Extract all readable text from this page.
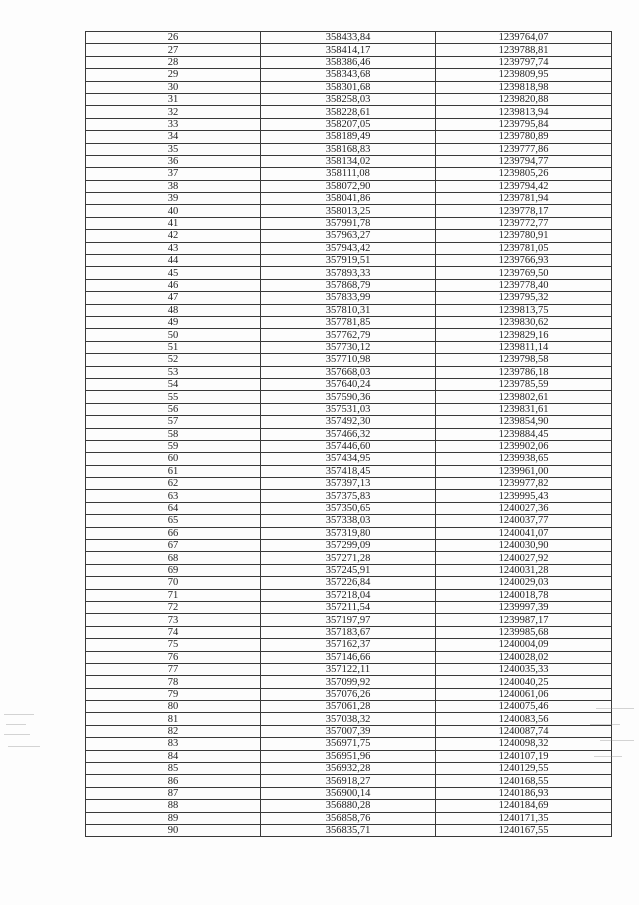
26	358433,84	1239764,07
27	358414,17	1239788,81
28	358386,46	1239797,74
29	358343,68	1239809,95
30	358301,68	1239818,98
31	358258,03	1239820,88
32	358228,61	1239813,94
33	358207,05	1239795,84
34	358189,49	1239780,89
35	358168,83	1239777,86
36	358134,02	1239794,77
37	358111,08	1239805,26
38	358072,90	1239794,42
39	358041,86	1239781,94
40	358013,25	1239778,17
41	357991,78	1239772,77
42	357963,27	1239780,91
43	357943,42	1239781,05
44	357919,51	1239766,93
45	357893,33	1239769,50
46	357868,79	1239778,40
47	357833,99	1239795,32
48	357810,31	1239813,75
49	357781,85	1239830,62
50	357762,79	1239829,16
51	357730,12	1239811,14
52	357710,98	1239798,58
53	357668,03	1239786,18
54	357640,24	1239785,59
55	357590,36	1239802,61
56	357531,03	1239831,61
57	357492,30	1239854,90
58	357466,32	1239884,45
59	357446,60	1239902,06
60	357434,95	1239938,65
61	357418,45	1239961,00
62	357397,13	1239977,82
63	357375,83	1239995,43
64	357350,65	1240027,36
65	357338,03	1240037,77
66	357319,80	1240041,07
67	357299,09	1240030,90
68	357271,28	1240027,92
69	357245,91	1240031,28
70	357226,84	1240029,03
71	357218,04	1240018,78
72	357211,54	1239997,39
73	357197,97	1239987,17
74	357183,67	1239985,68
75	357162,37	1240004,09
76	357146,66	1240028,02
77	357122,11	1240035,33
78	357099,92	1240040,25
79	357076,26	1240061,06
80	357061,28	1240075,46
81	357038,32	1240083,56
82	357007,39	1240087,74
83	356971,75	1240098,32
84	356951,96	1240107,19
85	356932,28	1240129,55
86	356918,27	1240168,55
87	356900,14	1240186,93
88	356880,28	1240184,69
89	356858,76	1240171,35
90	356835,71	1240167,55
